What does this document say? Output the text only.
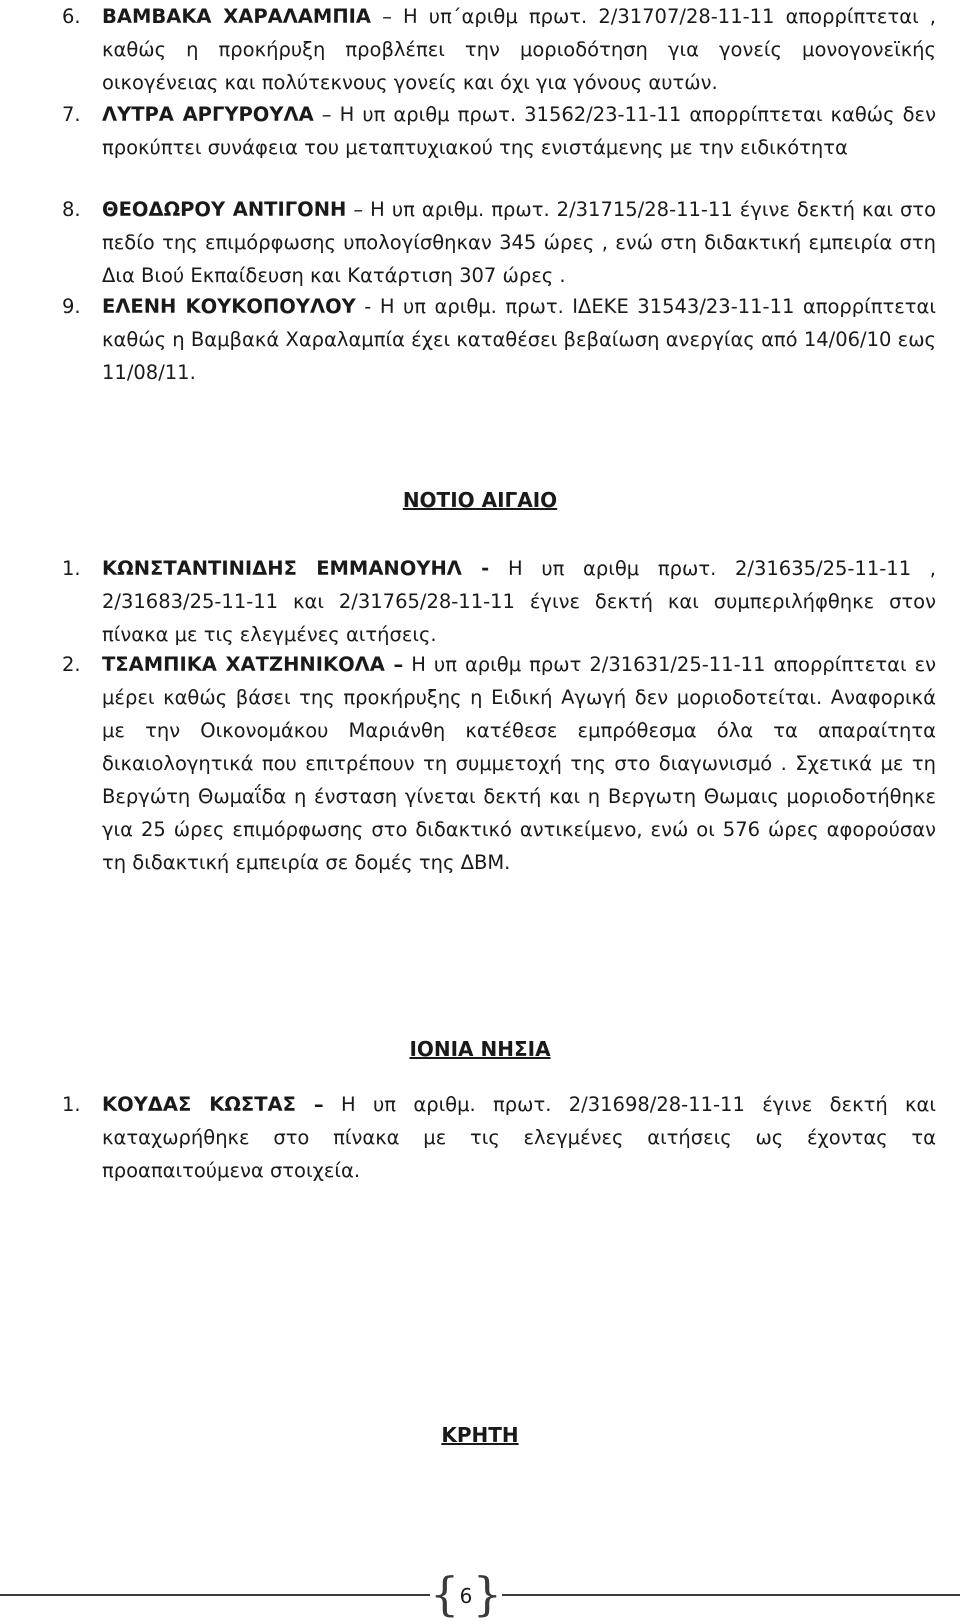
6.	ΒΑΜΒΑΚΑ ΧΑΡΑΛΑΜΠΙΑ – Η υπ΄αριθμ πρωτ. 2/31707/28-11-11 απορρίπτεται , καθώς η προκήρυξη προβλέπει την μοριοδότηση για γονείς μονογονεϊκής οικογένειας και πολύτεκνους γονείς και όχι για γόνους αυτών.
7.	ΛΥΤΡΑ ΑΡΓΥΡΟΥΛΑ – Η υπ αριθμ πρωτ. 31562/23-11-11 απορρίπτεται καθώς δεν προκύπτει συνάφεια του μεταπτυχιακού της ενιστάμενης με την ειδικότητα
8.	ΘΕΟΔΩΡΟΥ ΑΝΤΙΓΟΝΗ – Η υπ αριθμ. πρωτ. 2/31715/28-11-11 έγινε δεκτή και στο πεδίο της επιμόρφωσης υπολογίσθηκαν 345 ώρες , ενώ στη διδακτική εμπειρία στη Δια Βιού Εκπαίδευση και Κατάρτιση 307 ώρες .
9.	ΕΛΕΝΗ ΚΟΥΚΟΠΟΥΛΟΥ - Η υπ αριθμ. πρωτ. ΙΔΕΚΕ 31543/23-11-11 απορρίπτεται καθώς η Βαμβακά Χαραλαμπία έχει καταθέσει βεβαίωση ανεργίας από 14/06/10 εως 11/08/11.
ΝΟΤΙΟ ΑΙΓΑΙΟ
1.	ΚΩΝΣΤΑΝΤΙΝΙΔΗΣ ΕΜΜΑΝΟΥΗΛ - Η υπ αριθμ πρωτ. 2/31635/25-11-11 , 2/31683/25-11-11 και 2/31765/28-11-11 έγινε δεκτή και συμπεριλήφθηκε στον πίνακα με τις ελεγμένες αιτήσεις.
2.	ΤΣΑΜΠΙΚΑ ΧΑΤΖΗΝΙΚΟΛΑ – Η υπ αριθμ πρωτ 2/31631/25-11-11 απορρίπτεται εν μέρει καθώς βάσει της προκήρυξης η Ειδική Αγωγή δεν μοριοδοτείται. Αναφορικά με την Οικονομάκου Μαριάνθη κατέθεσε εμπρόθεσμα όλα τα απαραίτητα δικαιολογητικά που επιτρέπουν τη συμμετοχή της στο διαγωνισμό . Σχετικά με τη Βεργώτη Θωμαΐδα η ένσταση γίνεται δεκτή και η Βεργωτη Θωμαις μοριοδοτήθηκε για 25 ώρες επιμόρφωσης στο διδακτικό αντικείμενο, ενώ οι 576 ώρες αφορούσαν τη διδακτική εμπειρία σε δομές της ΔΒΜ.
ΙΟΝΙΑ ΝΗΣΙΑ
1.	ΚΟΥΔΑΣ ΚΩΣΤΑΣ – Η υπ αριθμ. πρωτ. 2/31698/28-11-11 έγινε δεκτή και καταχωρήθηκε στο πίνακα με τις ελεγμένες αιτήσεις ως έχοντας τα προαπαιτούμενα στοιχεία.
ΚΡΗΤΗ
{ 6 }
